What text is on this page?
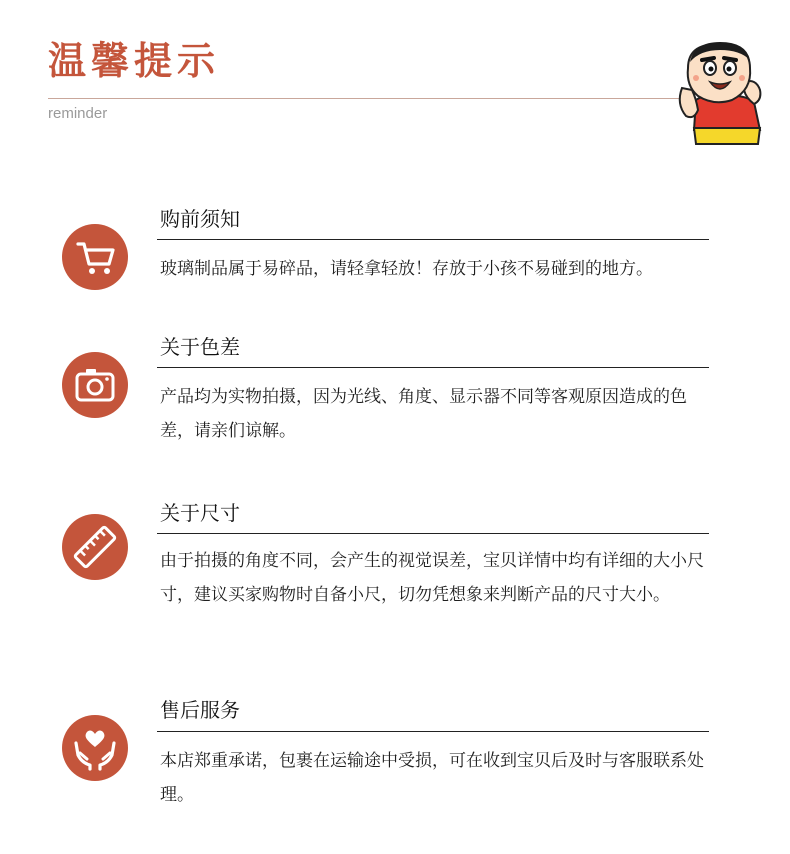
温馨提示
reminder
购前须知

玻璃制品属于易碎品，请轻拿轻放！存放于小孩不易碰到的地方。

关于色差

产品均为实物拍摄，因为光线、角度、显示器不同等客观原因造成的色差，请亲们谅解。

关于尺寸

由于拍摄的角度不同，会产生的视觉误差，宝贝详情中均有详细的大小尺寸，建议买家购物时自备小尺，切勿凭想象来判断产品的尺寸大小。

售后服务

本店郑重承诺，包裹在运输途中受损，可在收到宝贝后及时与客服联系处理。
